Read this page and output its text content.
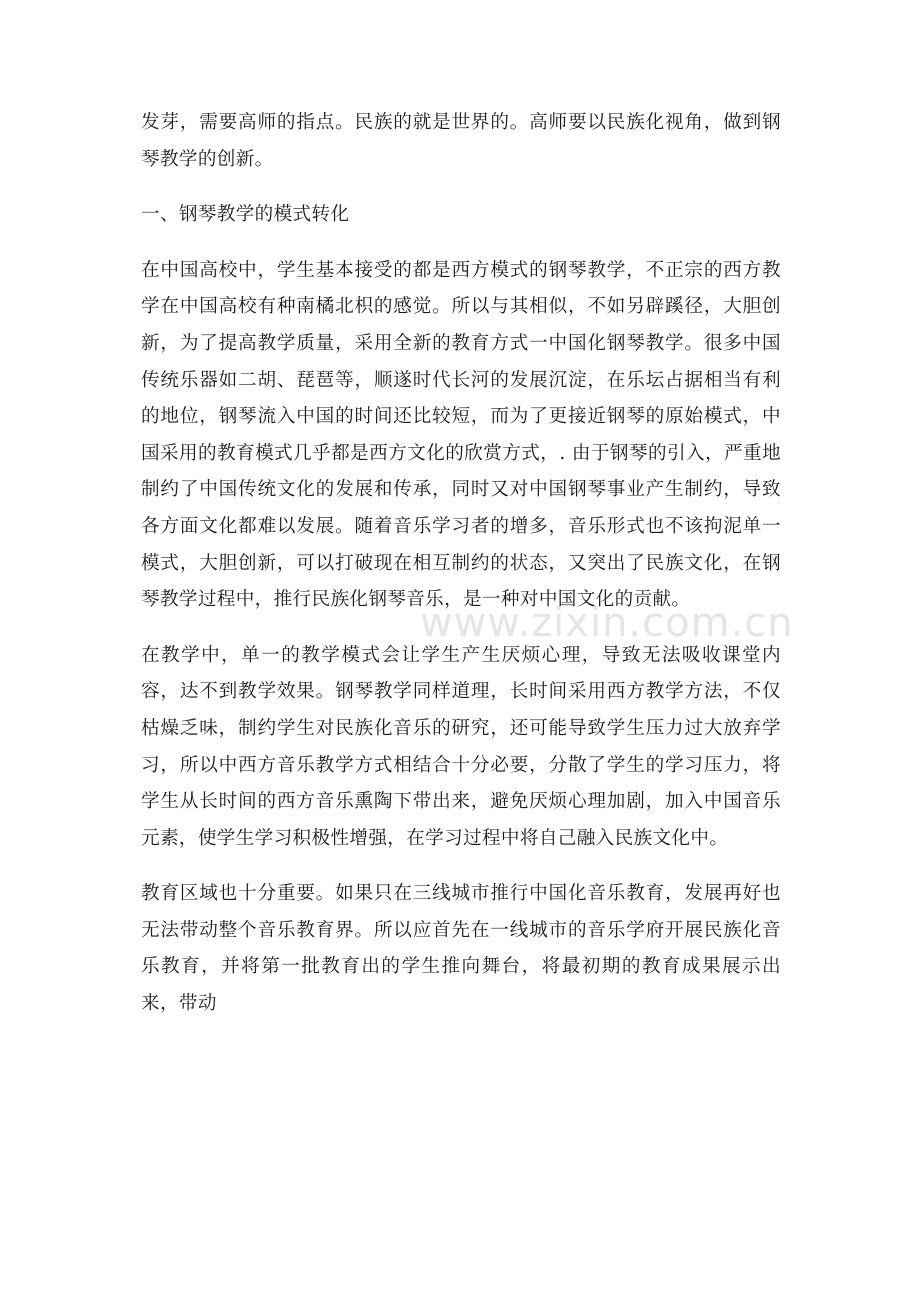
发芽，需要高师的指点。民族的就是世界的。高师要以民族化视角，做到钢琴教学的创新。

一、钢琴教学的模式转化

在中国高校中，学生基本接受的都是西方模式的钢琴教学，不正宗的西方教学在中国高校有种南橘北枳的感觉。所以与其相似，不如另辟蹊径，大胆创新，为了提高教学质量，采用全新的教育方式一中国化钢琴教学。很多中国传统乐器如二胡、琵琶等，顺遂时代长河的发展沉淀，在乐坛占据相当有利的地位，钢琴流入中国的时间还比较短，而为了更接近钢琴的原始模式，中国采用的教育模式几乎都是西方文化的欣赏方式，. 由于钢琴的引入，严重地制约了中国传统文化的发展和传承，同时又对中国钢琴事业产生制约，导致各方面文化都难以发展。随着音乐学习者的增多，音乐形式也不该拘泥单一模式，大胆创新，可以打破现在相互制约的状态，又突出了民族文化，在钢琴教学过程中，推行民族化钢琴音乐，是一种对中国文化的贡献。

在教学中，单一的教学模式会让学生产生厌烦心理，导致无法吸收课堂内容，达不到教学效果。钢琴教学同样道理，长时间采用西方教学方法，不仅枯燥乏味，制约学生对民族化音乐的研究，还可能导致学生压力过大放弃学习，所以中西方音乐教学方式相结合十分必要，分散了学生的学习压力，将学生从长时间的西方音乐熏陶下带出来，避免厌烦心理加剧，加入中国音乐元素，使学生学习积极性增强，在学习过程中将自己融入民族文化中。

教育区域也十分重要。如果只在三线城市推行中国化音乐教育，发展再好也无法带动整个音乐教育界。所以应首先在一线城市的音乐学府开展民族化音乐教育，并将第一批教育出的学生推向舞台，将最初期的教育成果展示出来，带动

www.zixin.com.cn
